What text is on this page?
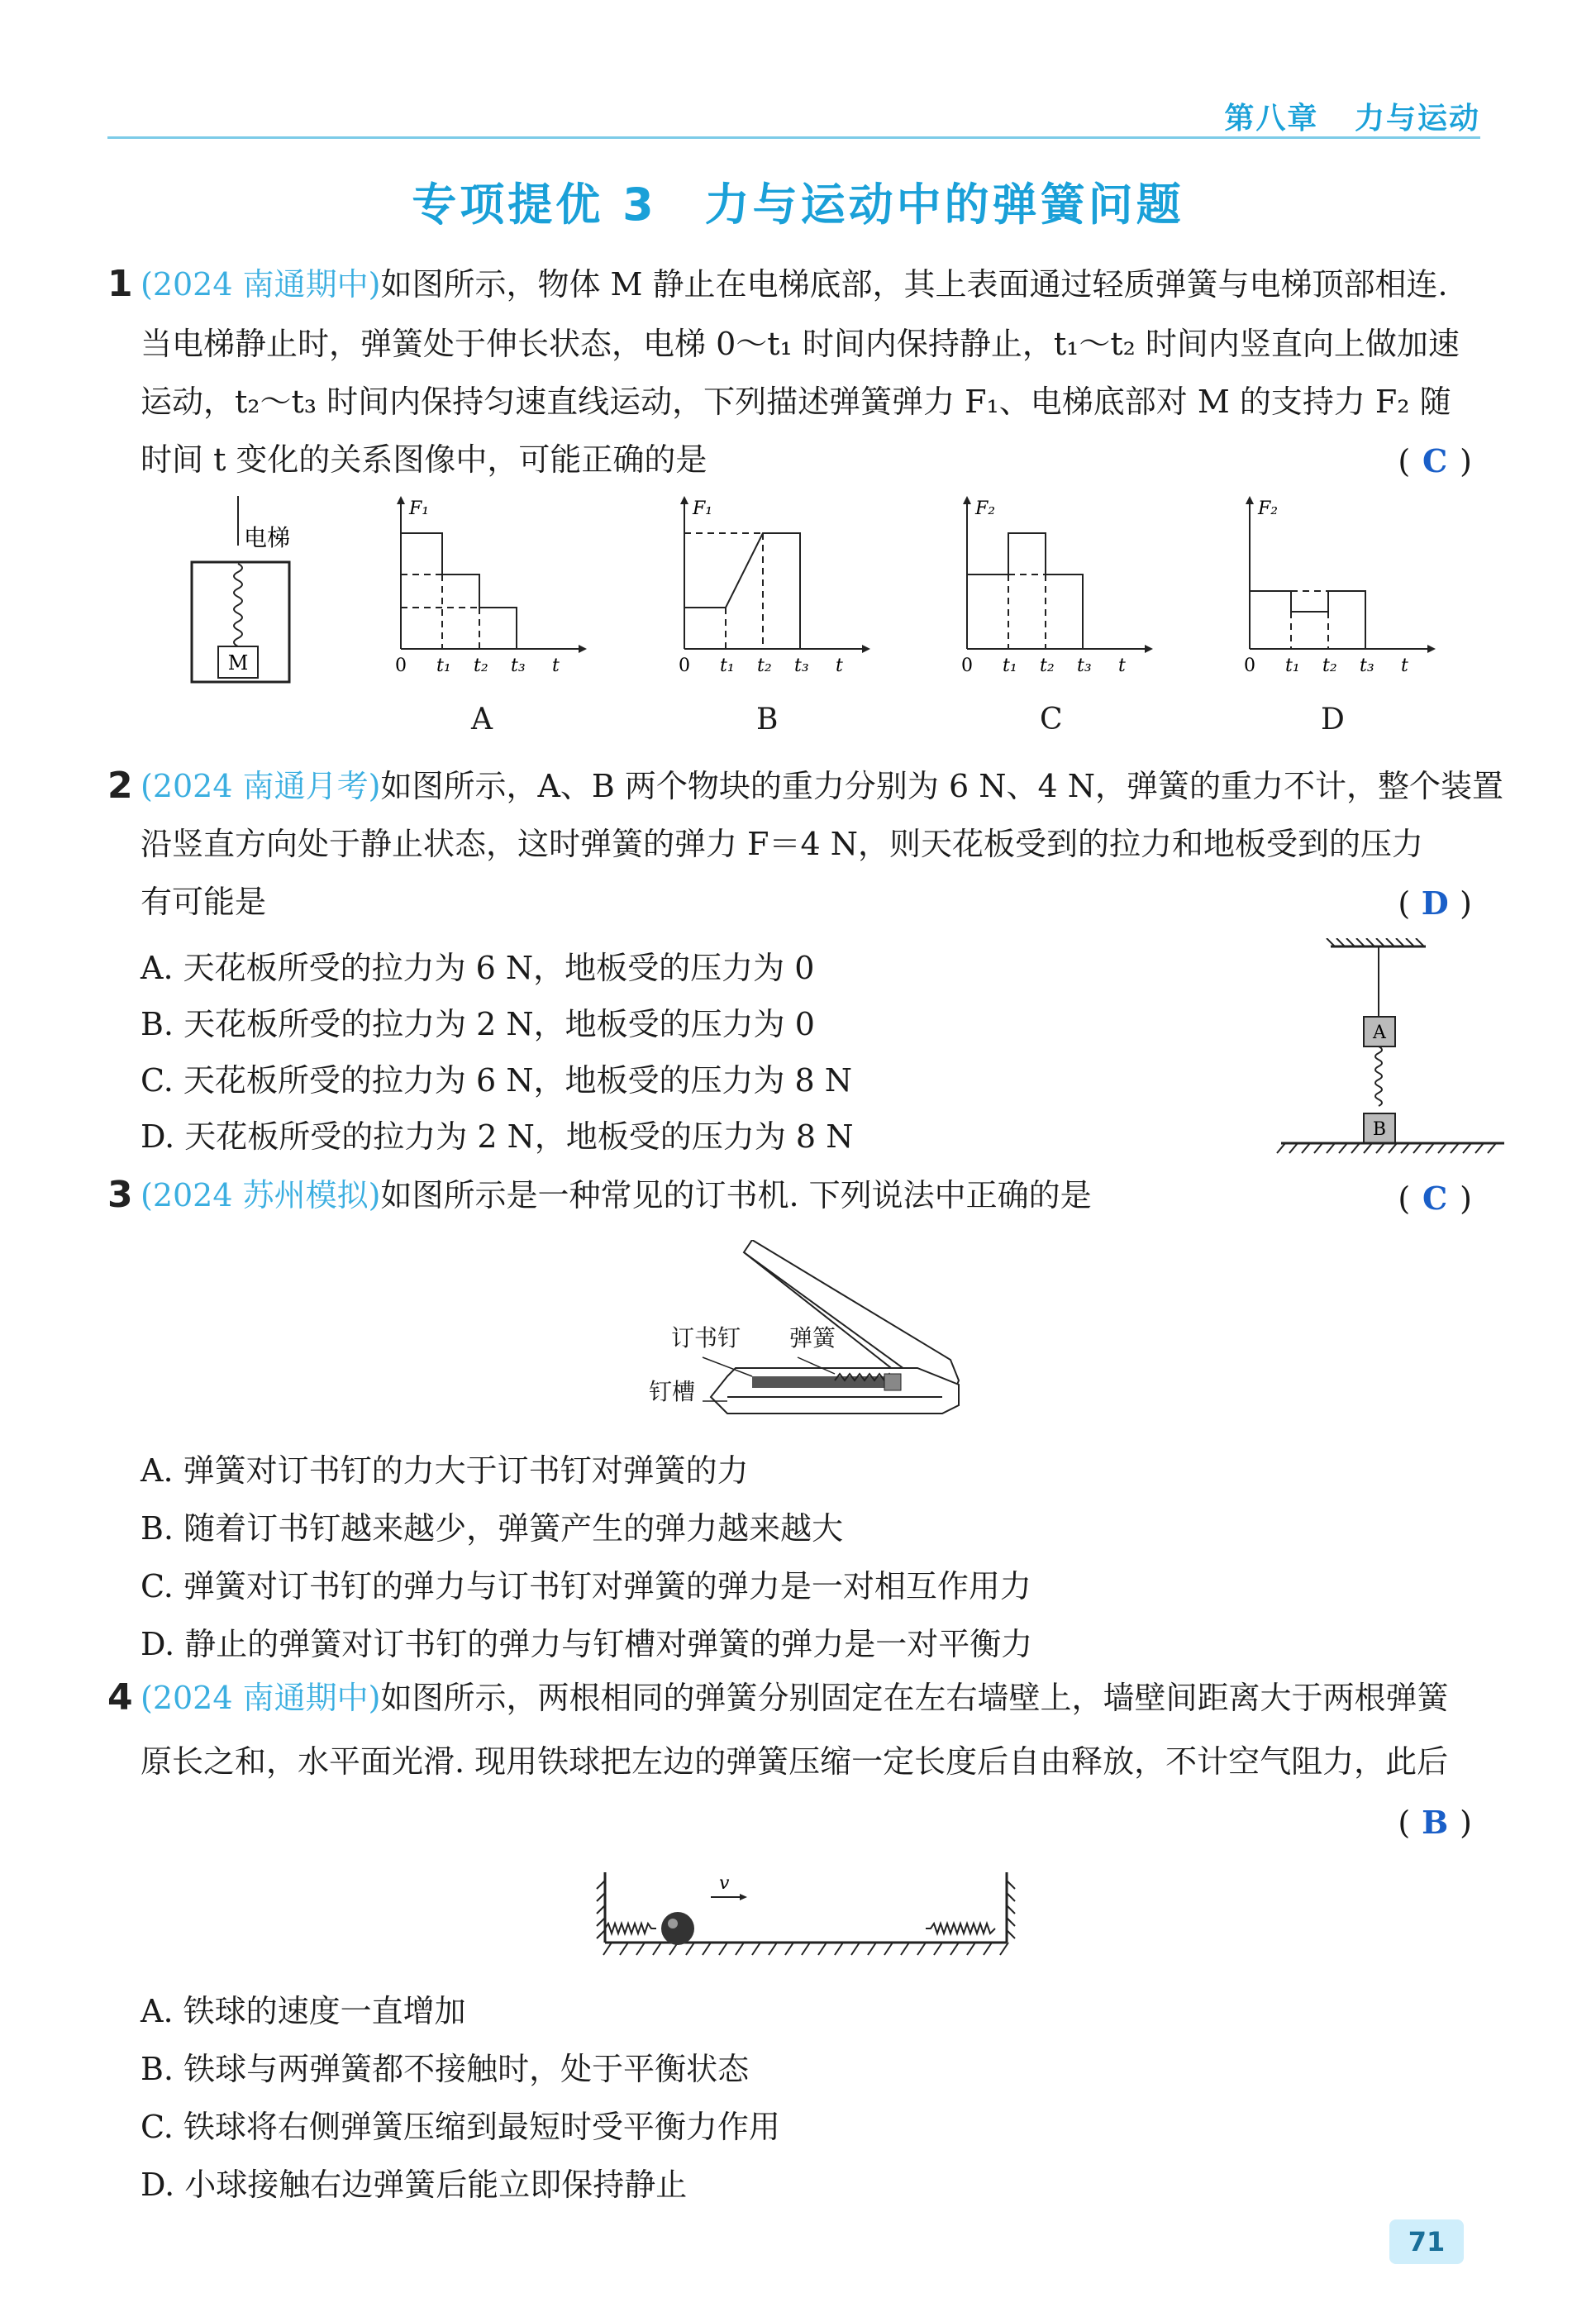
第八章 力与运动
专项提优 3　力与运动中的弹簧问题
1 (2024 南通期中)如图所示，物体 M 静止在电梯底部，其上表面通过轻质弹簧与电梯顶部相连.
当电梯静止时，弹簧处于伸长状态，电梯 0～t₁ 时间内保持静止，t₁～t₂ 时间内竖直向上做加速
运动，t₂～t₃ 时间内保持匀速直线运动，下列描述弹簧弹力 F₁、电梯底部对 M 的支持力 F₂ 随
时间 t 变化的关系图像中，可能正确的是	( C )
M
电梯
F₁
0 t₁ t₂ t₃ t
A
F₁
0 t₁ t₂ t₃ t
B
F₂
0 t₁ t₂ t₃ t
C
F₂
0 t₁ t₂ t₃ t
D
2 (2024 南通月考)如图所示，A、B 两个物块的重力分别为 6 N、4 N，弹簧的重力不计，整个装置
沿竖直方向处于静止状态，这时弹簧的弹力 F＝4 N，则天花板受到的拉力和地板受到的压力
有可能是	( D )
A. 天花板所受的拉力为 6 N，地板受的压力为 0
B. 天花板所受的拉力为 2 N，地板受的压力为 0
C. 天花板所受的拉力为 6 N，地板受的压力为 8 N
D. 天花板所受的拉力为 2 N，地板受的压力为 8 N
A
B
3 (2024 苏州模拟)如图所示是一种常见的订书机. 下列说法中正确的是	( C )
订书钉 弹簧
钉槽
A. 弹簧对订书钉的力大于订书钉对弹簧的力
B. 随着订书钉越来越少，弹簧产生的弹力越来越大
C. 弹簧对订书钉的弹力与订书钉对弹簧的弹力是一对相互作用力
D. 静止的弹簧对订书钉的弹力与钉槽对弹簧的弹力是一对平衡力
4 (2024 南通期中)如图所示，两根相同的弹簧分别固定在左右墙壁上，墙壁间距离大于两根弹簧
原长之和，水平面光滑. 现用铁球把左边的弹簧压缩一定长度后自由释放，不计空气阻力，此后
( B )
v
A. 铁球的速度一直增加
B. 铁球与两弹簧都不接触时，处于平衡状态
C. 铁球将右侧弹簧压缩到最短时受平衡力作用
D. 小球接触右边弹簧后能立即保持静止
71
